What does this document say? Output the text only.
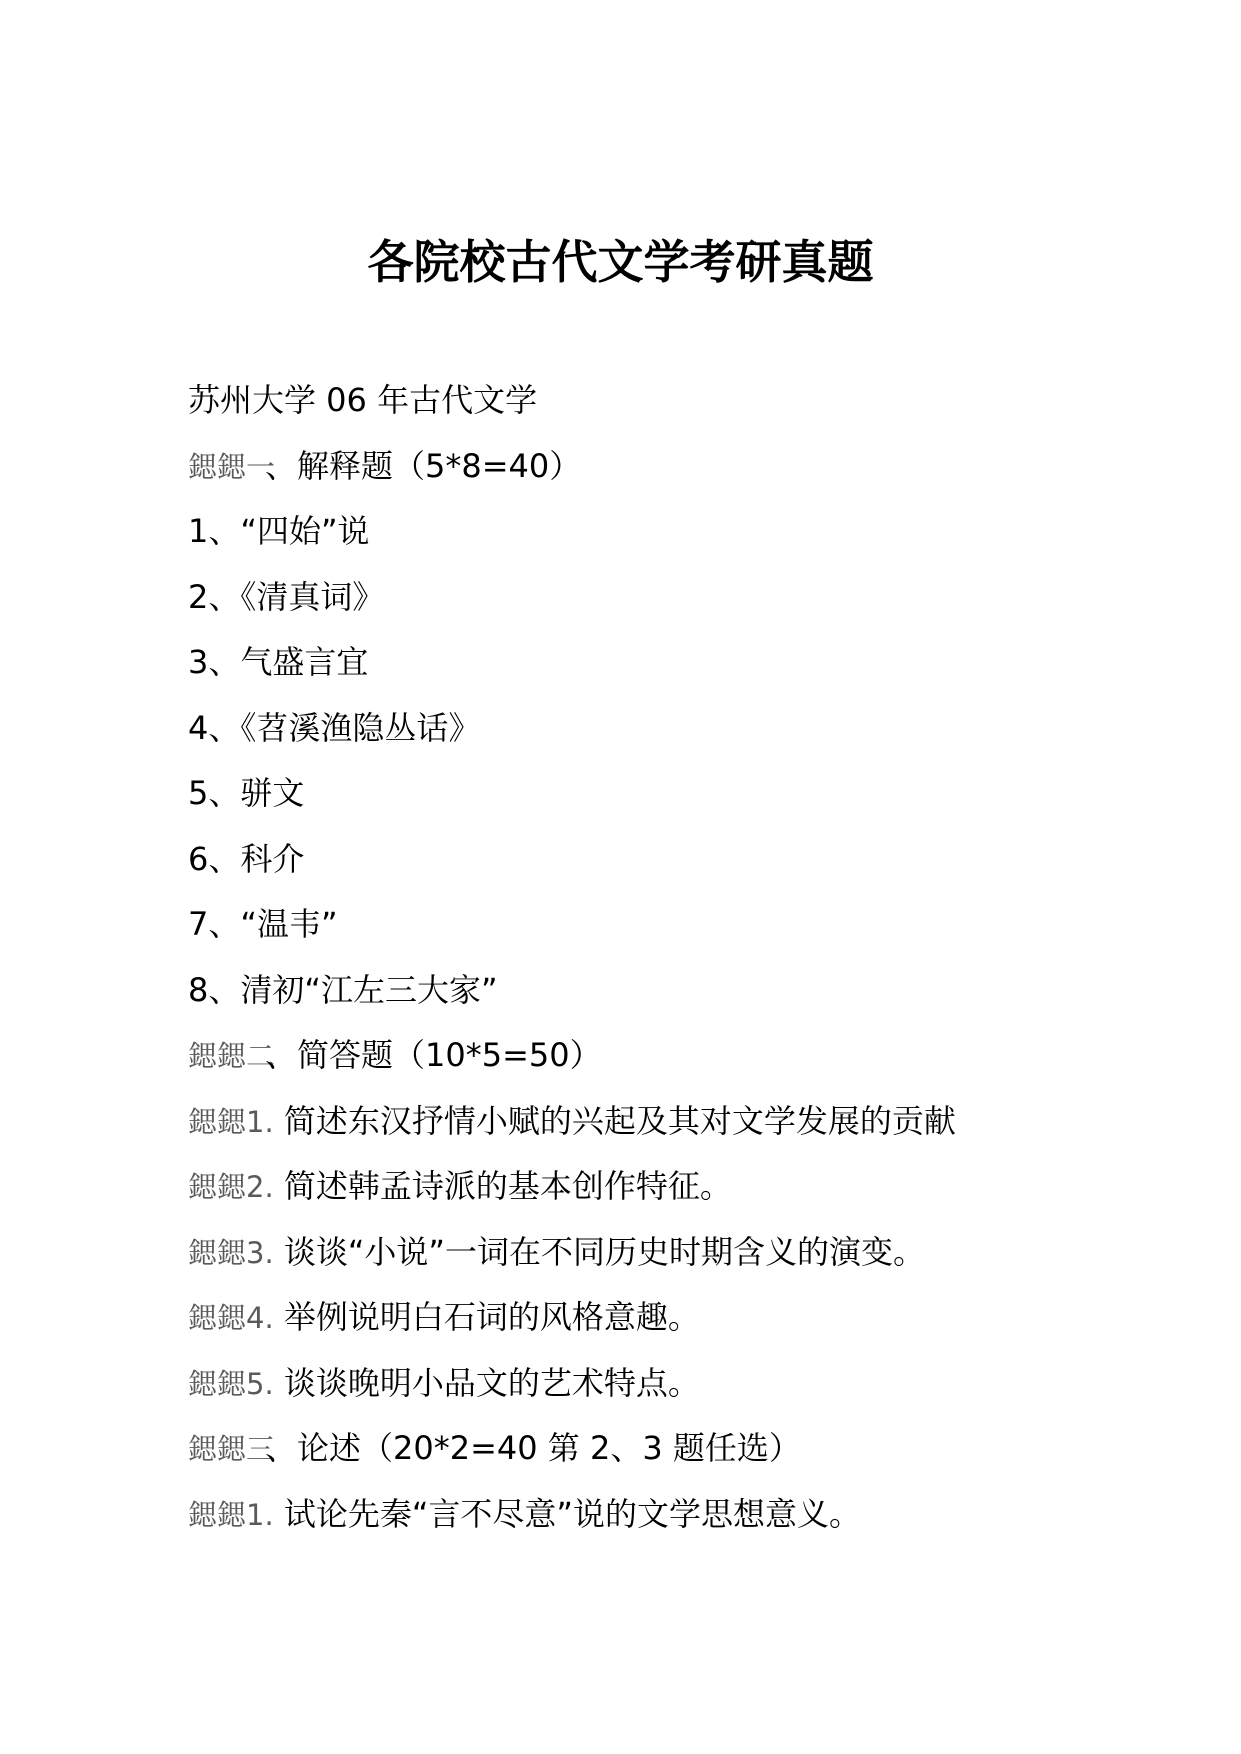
各院校古代文学考研真题
苏州大学 06 年古代文学
鍶鍶一、解释题（5*8=40）
1、“四始”说
2、《清真词》
3、气盛言宜
4、《苕溪渔隐丛话》
5、骈文
6、科介
7、“温韦”
8、清初“江左三大家”
鍶鍶二、简答题（10*5=50）
鍶鍶1. 简述东汉抒情小赋的兴起及其对文学发展的贡献
鍶鍶2. 简述韩孟诗派的基本创作特征。
鍶鍶3. 谈谈“小说”一词在不同历史时期含义的演变。
鍶鍶4. 举例说明白石词的风格意趣。
鍶鍶5. 谈谈晚明小品文的艺术特点。
鍶鍶三、论述（20*2=40 第 2、3 题任选）
鍶鍶1. 试论先秦“言不尽意”说的文学思想意义。
